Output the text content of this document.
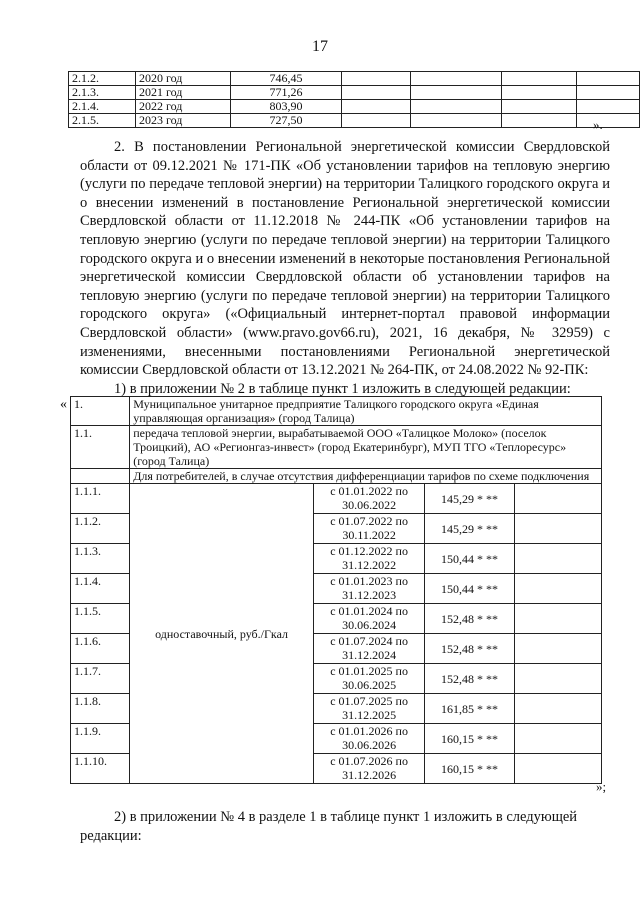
17
2.1.2.	2020 год	746,45				
2.1.3.	2021 год	771,26				
2.1.4.	2022 год	803,90				
2.1.5.	2023 год	727,50					».

2. В постановлении Региональной энергетической комиссии Свердловской области от 09.12.2021 № 171-ПК «Об установлении тарифов на тепловую энергию (услуги по передаче тепловой энергии) на территории Талицкого городского округа и о внесении изменений в постановление Региональной энергетической комиссии Свердловской области от 11.12.2018 № 244-ПК «Об установлении тарифов на тепловую энергию (услуги по передаче тепловой энергии) на территории Талицкого городского округа и о внесении изменений в некоторые постановления Региональной энергетической комиссии Свердловской области об установлении тарифов на тепловую энергию (услуги по передаче тепловой энергии) на территории Талицкого городского округа» («Официальный интернет-портал правовой информации Свердловской области» (www.pravo.gov66.ru), 2021, 16 декабря, № 32959) с изменениями, внесенными постановлениями Региональной энергетической комиссии Свердловской области от 13.12.2021 № 264-ПК, от 24.08.2022 № 92-ПК:

1) в приложении № 2 в таблице пункт 1 изложить в следующей редакции:

« 1.	Муниципальное унитарное предприятие Талицкого городского округа «Единая управляющая организация» (город Талица)			
1.1.	передача тепловой энергии, вырабатываемой ООО «Талицкое Молоко» (поселок Троицкий), АО «Регионгаз-инвест» (город Екатеринбург), МУП ТГО «Теплоресурс» (город Талица)			
	Для потребителей, в случае отсутствия дифференциации тарифов по схеме подключения			
1.1.1.	одноставочный, руб./Гкал	с 01.01.2022 по
30.06.2022	145,29 * **	
1.1.2.		с 01.07.2022 по
30.11.2022	145,29 * **	
1.1.3.		с 01.12.2022 по
31.12.2022	150,44 * **	
1.1.4.		с 01.01.2023 по
31.12.2023	150,44 * **	
1.1.5.		с 01.01.2024 по
30.06.2024	152,48 * **	
1.1.6.		с 01.07.2024 по
31.12.2024	152,48 * **	
1.1.7.		с 01.01.2025 по
30.06.2025	152,48 * **	
1.1.8.		с 01.07.2025 по
31.12.2025	161,85 * **	
1.1.9.		с 01.01.2026 по
30.06.2026	160,15 * **	
1.1.10.		с 01.07.2026 по
31.12.2026	160,15 * **	
»;

2) в приложении № 4 в разделе 1 в таблице пункт 1 изложить в следующей редакции:
